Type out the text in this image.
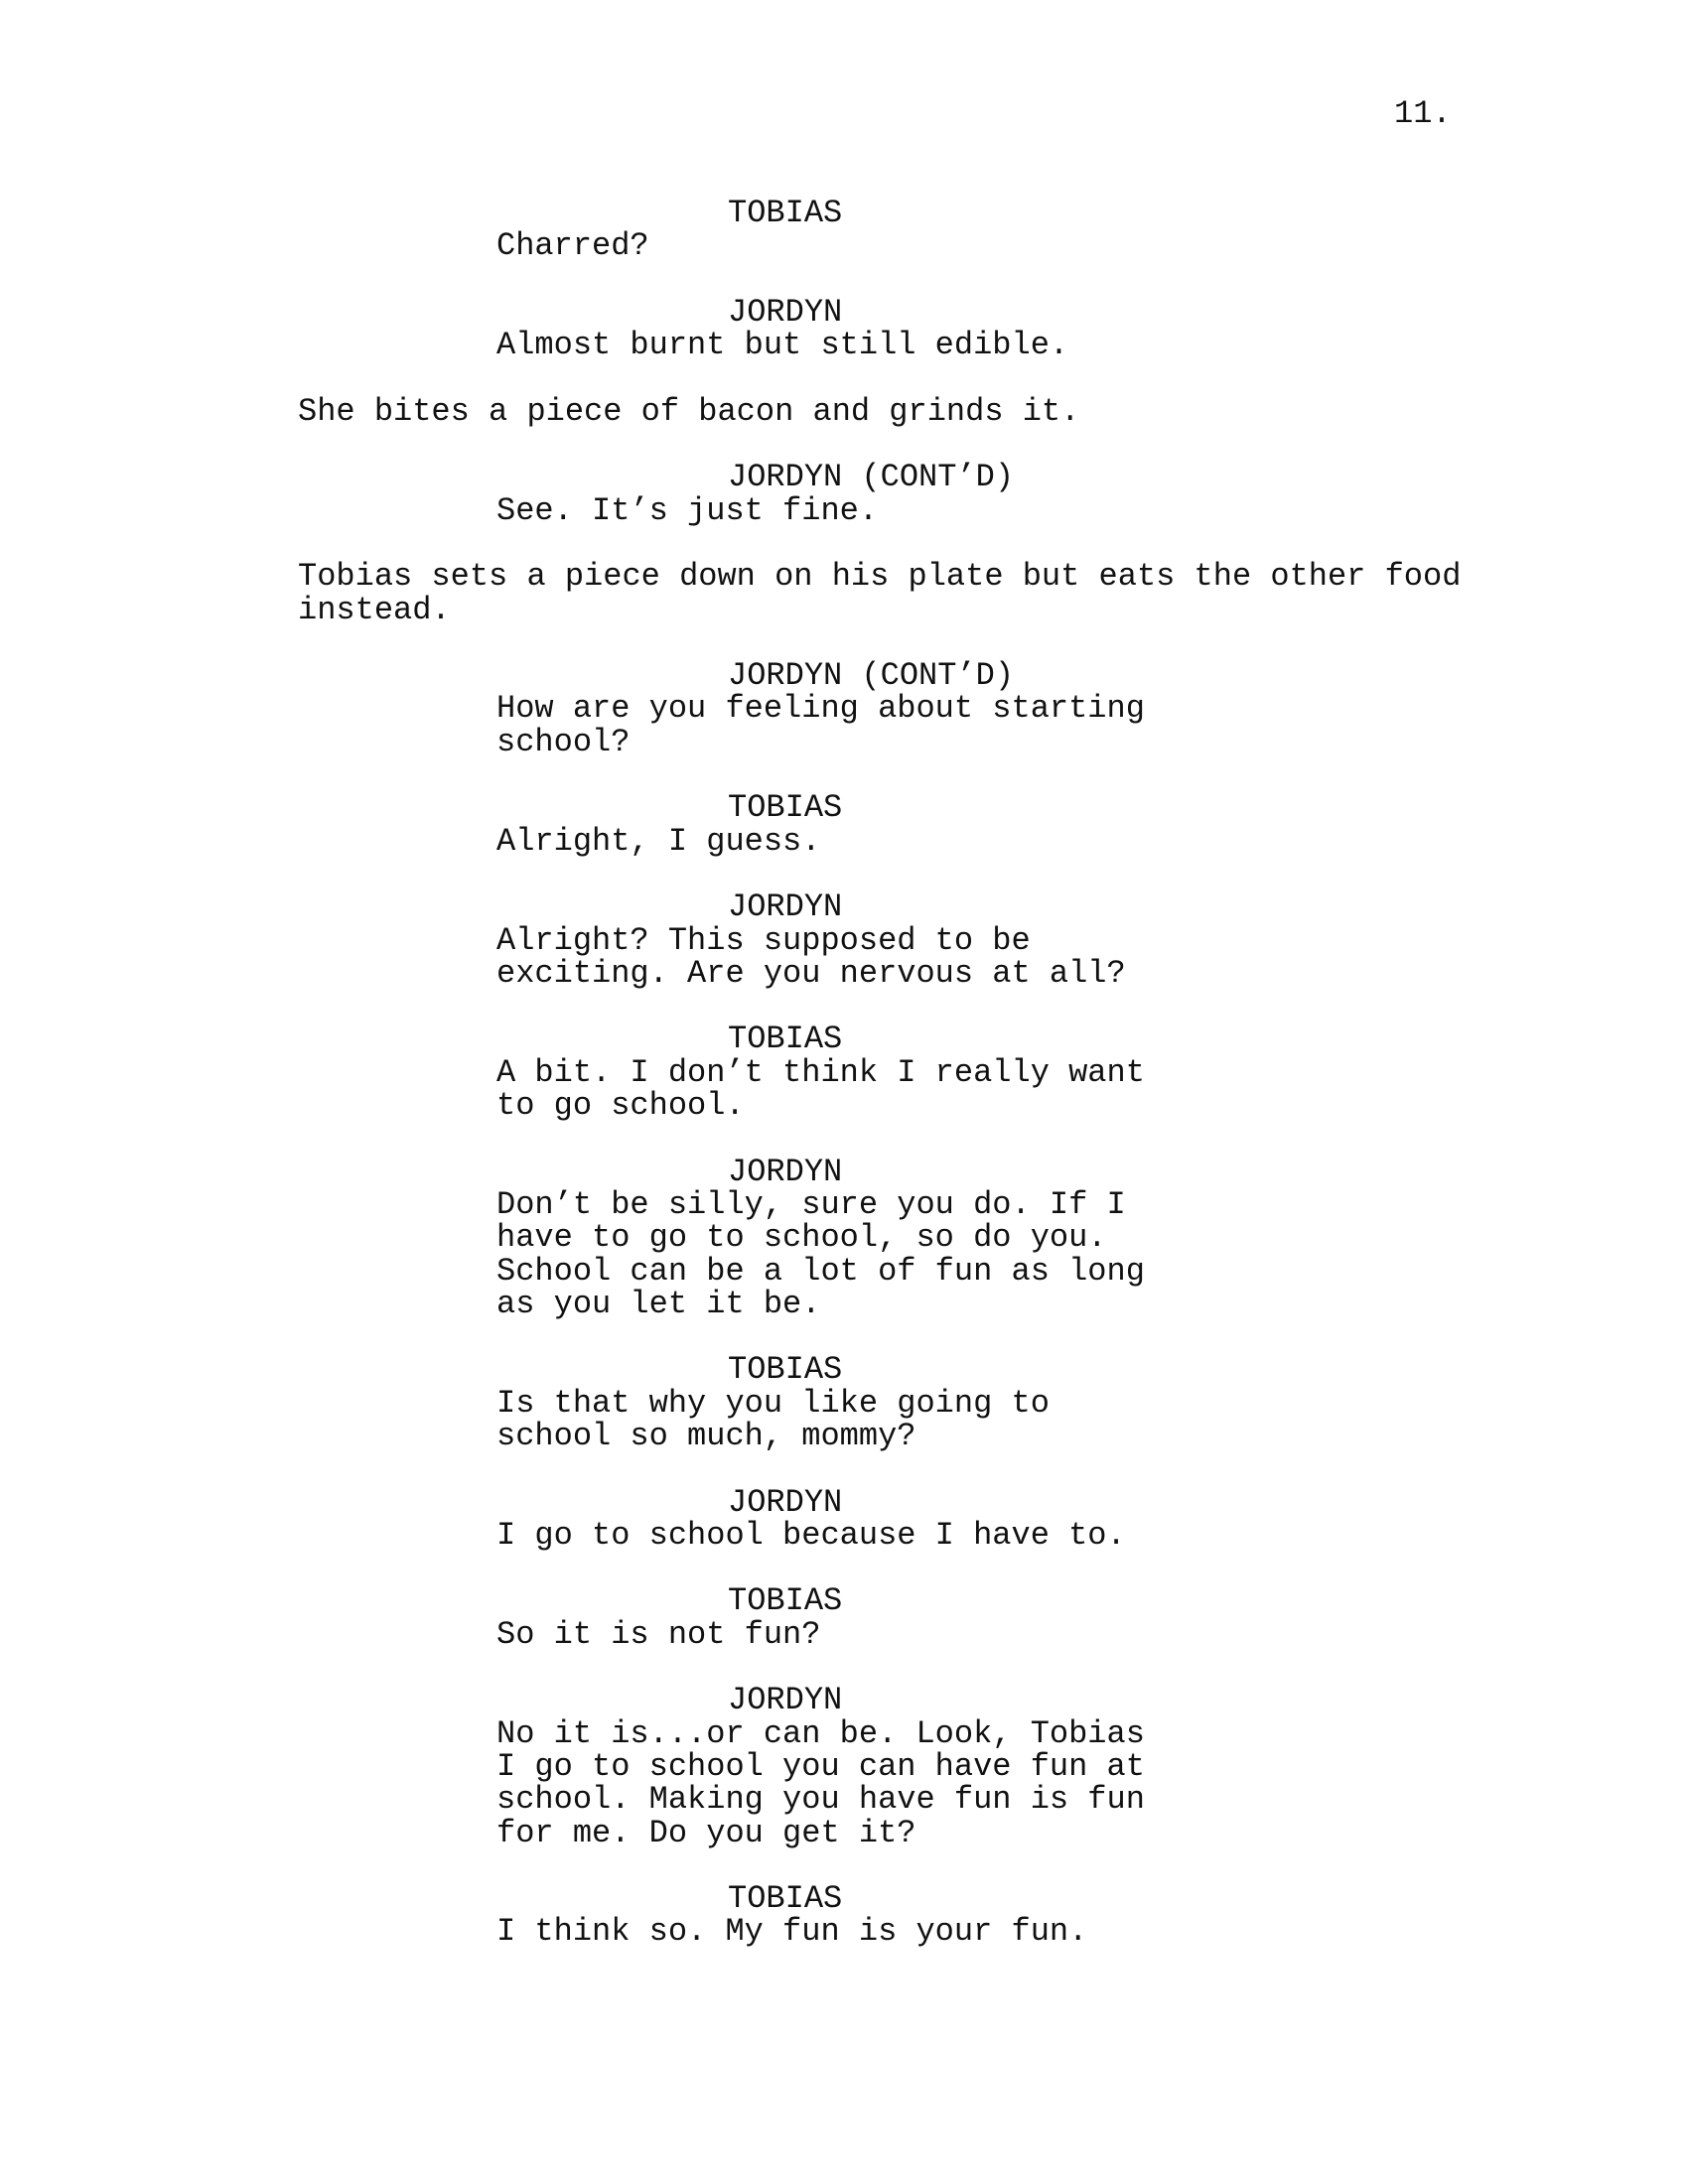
11.
TOBIAS
Charred?
JORDYN
Almost burnt but still edible.
She bites a piece of bacon and grinds it.
JORDYN (CONT’D)
See. It’s just fine.
Tobias sets a piece down on his plate but eats the other food
instead.
JORDYN (CONT’D)
How are you feeling about starting
school?
TOBIAS
Alright, I guess.
JORDYN
Alright? This supposed to be
exciting. Are you nervous at all?
TOBIAS
A bit. I don’t think I really want
to go school.
JORDYN
Don’t be silly, sure you do. If I
have to go to school, so do you.
School can be a lot of fun as long
as you let it be.
TOBIAS
Is that why you like going to
school so much, mommy?
JORDYN
I go to school because I have to.
TOBIAS
So it is not fun?
JORDYN
No it is...or can be. Look, Tobias
I go to school you can have fun at
school. Making you have fun is fun
for me. Do you get it?
TOBIAS
I think so. My fun is your fun.
